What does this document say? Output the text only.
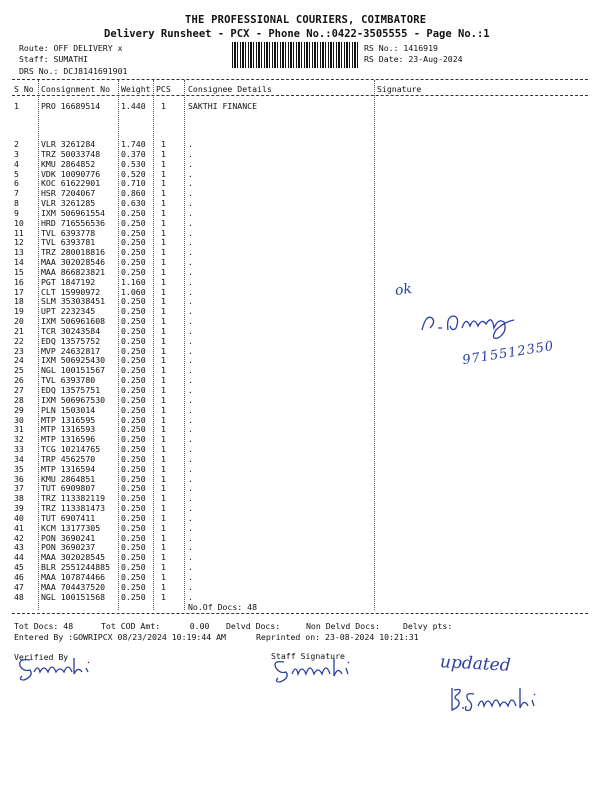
THE PROFESSIONAL COURIERS, COIMBATORE
Delivery Runsheet - PCX - Phone No.:0422-3505555 - Page No.:1
Route: OFF DELIVERY x
Staff: SUMATHI
DRS No.: DCJ8141691901
RS No.: 1416919
RS Date: 23-Aug-2024
S No Consignment No Weight PCS Consignee Details	Signature
1	PRO 16689514	1.440 1	SAKTHI FINANCE
2	VLR 3261284	1.740 1	.
3	TRZ 50033748	0.370 1	.
4	KMU 2864852	0.530 1	.
5	VDK 10090776	0.520 1	.
6	KOC 61622901	0.710 1	.
7	HSR 7204067	0.860 1	.
8	VLR 3261285	0.630 1	.
9	IXM 506961554 0.250 1	.
10 HRD 716556536 0.250 1	.
11 TVL 6393778	0.250 1	.
12 TVL 6393781	0.250 1	.
13 TRZ 280018816 0.250 1	.
14 MAA 302028546 0.250 1	.
15 MAA 866823821 0.250 1	.
16 PGT 1847192	1.160 1	.
17 CLT 15990972	1.060 1	.
18 SLM 353038451 0.250 1	.
19 UPT 2232345	0.250 1	.
20 IXM 506961608 0.250 1	.
21 TCR 30243584	0.250 1	.
22 EDQ 13575752	0.250 1	.
23 MVP 24632817	0.250 1	.
24 IXM 506925430 0.250 1	.
25 NGL 100151567 0.250 1	.
26 TVL 6393780	0.250 1	.
27 EDQ 13575751	0.250 1	.
28 IXM 506967530 0.250 1	.
29 PLN 1503014	0.250 1	.
30 MTP 1316595	0.250 1	.
31 MTP 1316593	0.250 1	.
32 MTP 1316596	0.250 1	.
33 TCG 10214765	0.250 1	.
34 TRP 4562570	0.250 1	.
35 MTP 1316594	0.250 1	.
36 KMU 2864851	0.250 1	.
37 TUT 6909807	0.250 1	.
38 TRZ 113382119 0.250 1	.
39 TRZ 113381473 0.250 1	.
40 TUT 6907411	0.250 1	.
41 KCM 13177305	0.250 1	.
42 PON 3690241	0.250 1	.
43 PON 3690237	0.250 1	.
44 MAA 302028545 0.250 1	.
45 BLR 2551244885 0.250 1	.
46 MAA 107874466 0.250 1	.
47 MAA 704437520 0.250 1	.
48 NGL 100151568 0.250 1	.
No.Of Docs: 48
ok
9715512350
Tot Docs: 48	Tot COD Amt:      0.00 Delvd Docs:	Non Delvd Docs:	Delvy pts:
Entered By :GOWRIPCX 08/23/2024 10:19:44 AM	Reprinted on: 23-08-2024 10:21:31
Verified By	Staff Signature	updated
